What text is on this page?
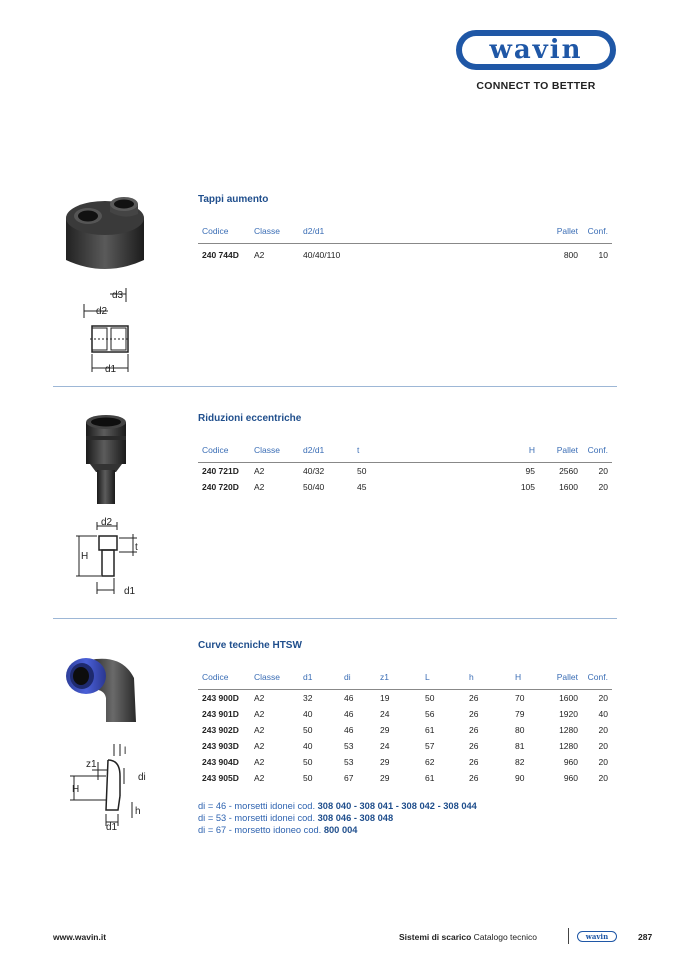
wavin
CONNECT TO BETTER
d3
d2
d1
Tappi aumento
Codice	Classe	d2/d1	Pallet	Conf.
240 744D	A2	40/40/110	800	10
d2
H
t
d1
Riduzioni eccentriche
Codice	Classe	d2/d1	t	H	Pallet	Conf.
240 721D	A2	40/32	50	95	2560	20
240 720D	A2	50/40	45	105	1600	20
l
z1
di
H
h
d1
Curve tecniche HTSW
Codice	Classe	d1	di	z1	L	h	H	Pallet	Conf.
243 900D	A2	32	46	19	50	26	70	1600	20
243 901D	A2	40	46	24	56	26	79	1920	40
243 902D	A2	50	46	29	61	26	80	1280	20
243 903D	A2	40	53	24	57	26	81	1280	20
243 904D	A2	50	53	29	62	26	82	960	20
243 905D	A2	50	67	29	61	26	90	960	20
di = 46 - morsetti idonei cod. 308 040 - 308 041 - 308 042 - 308 044
di = 53 - morsetti idonei cod. 308 046 - 308 048
di = 67 - morsetto idoneo cod. 800 004
www.wavin.it	Sistemi di scarico Catalogo tecnico	wavin	287
